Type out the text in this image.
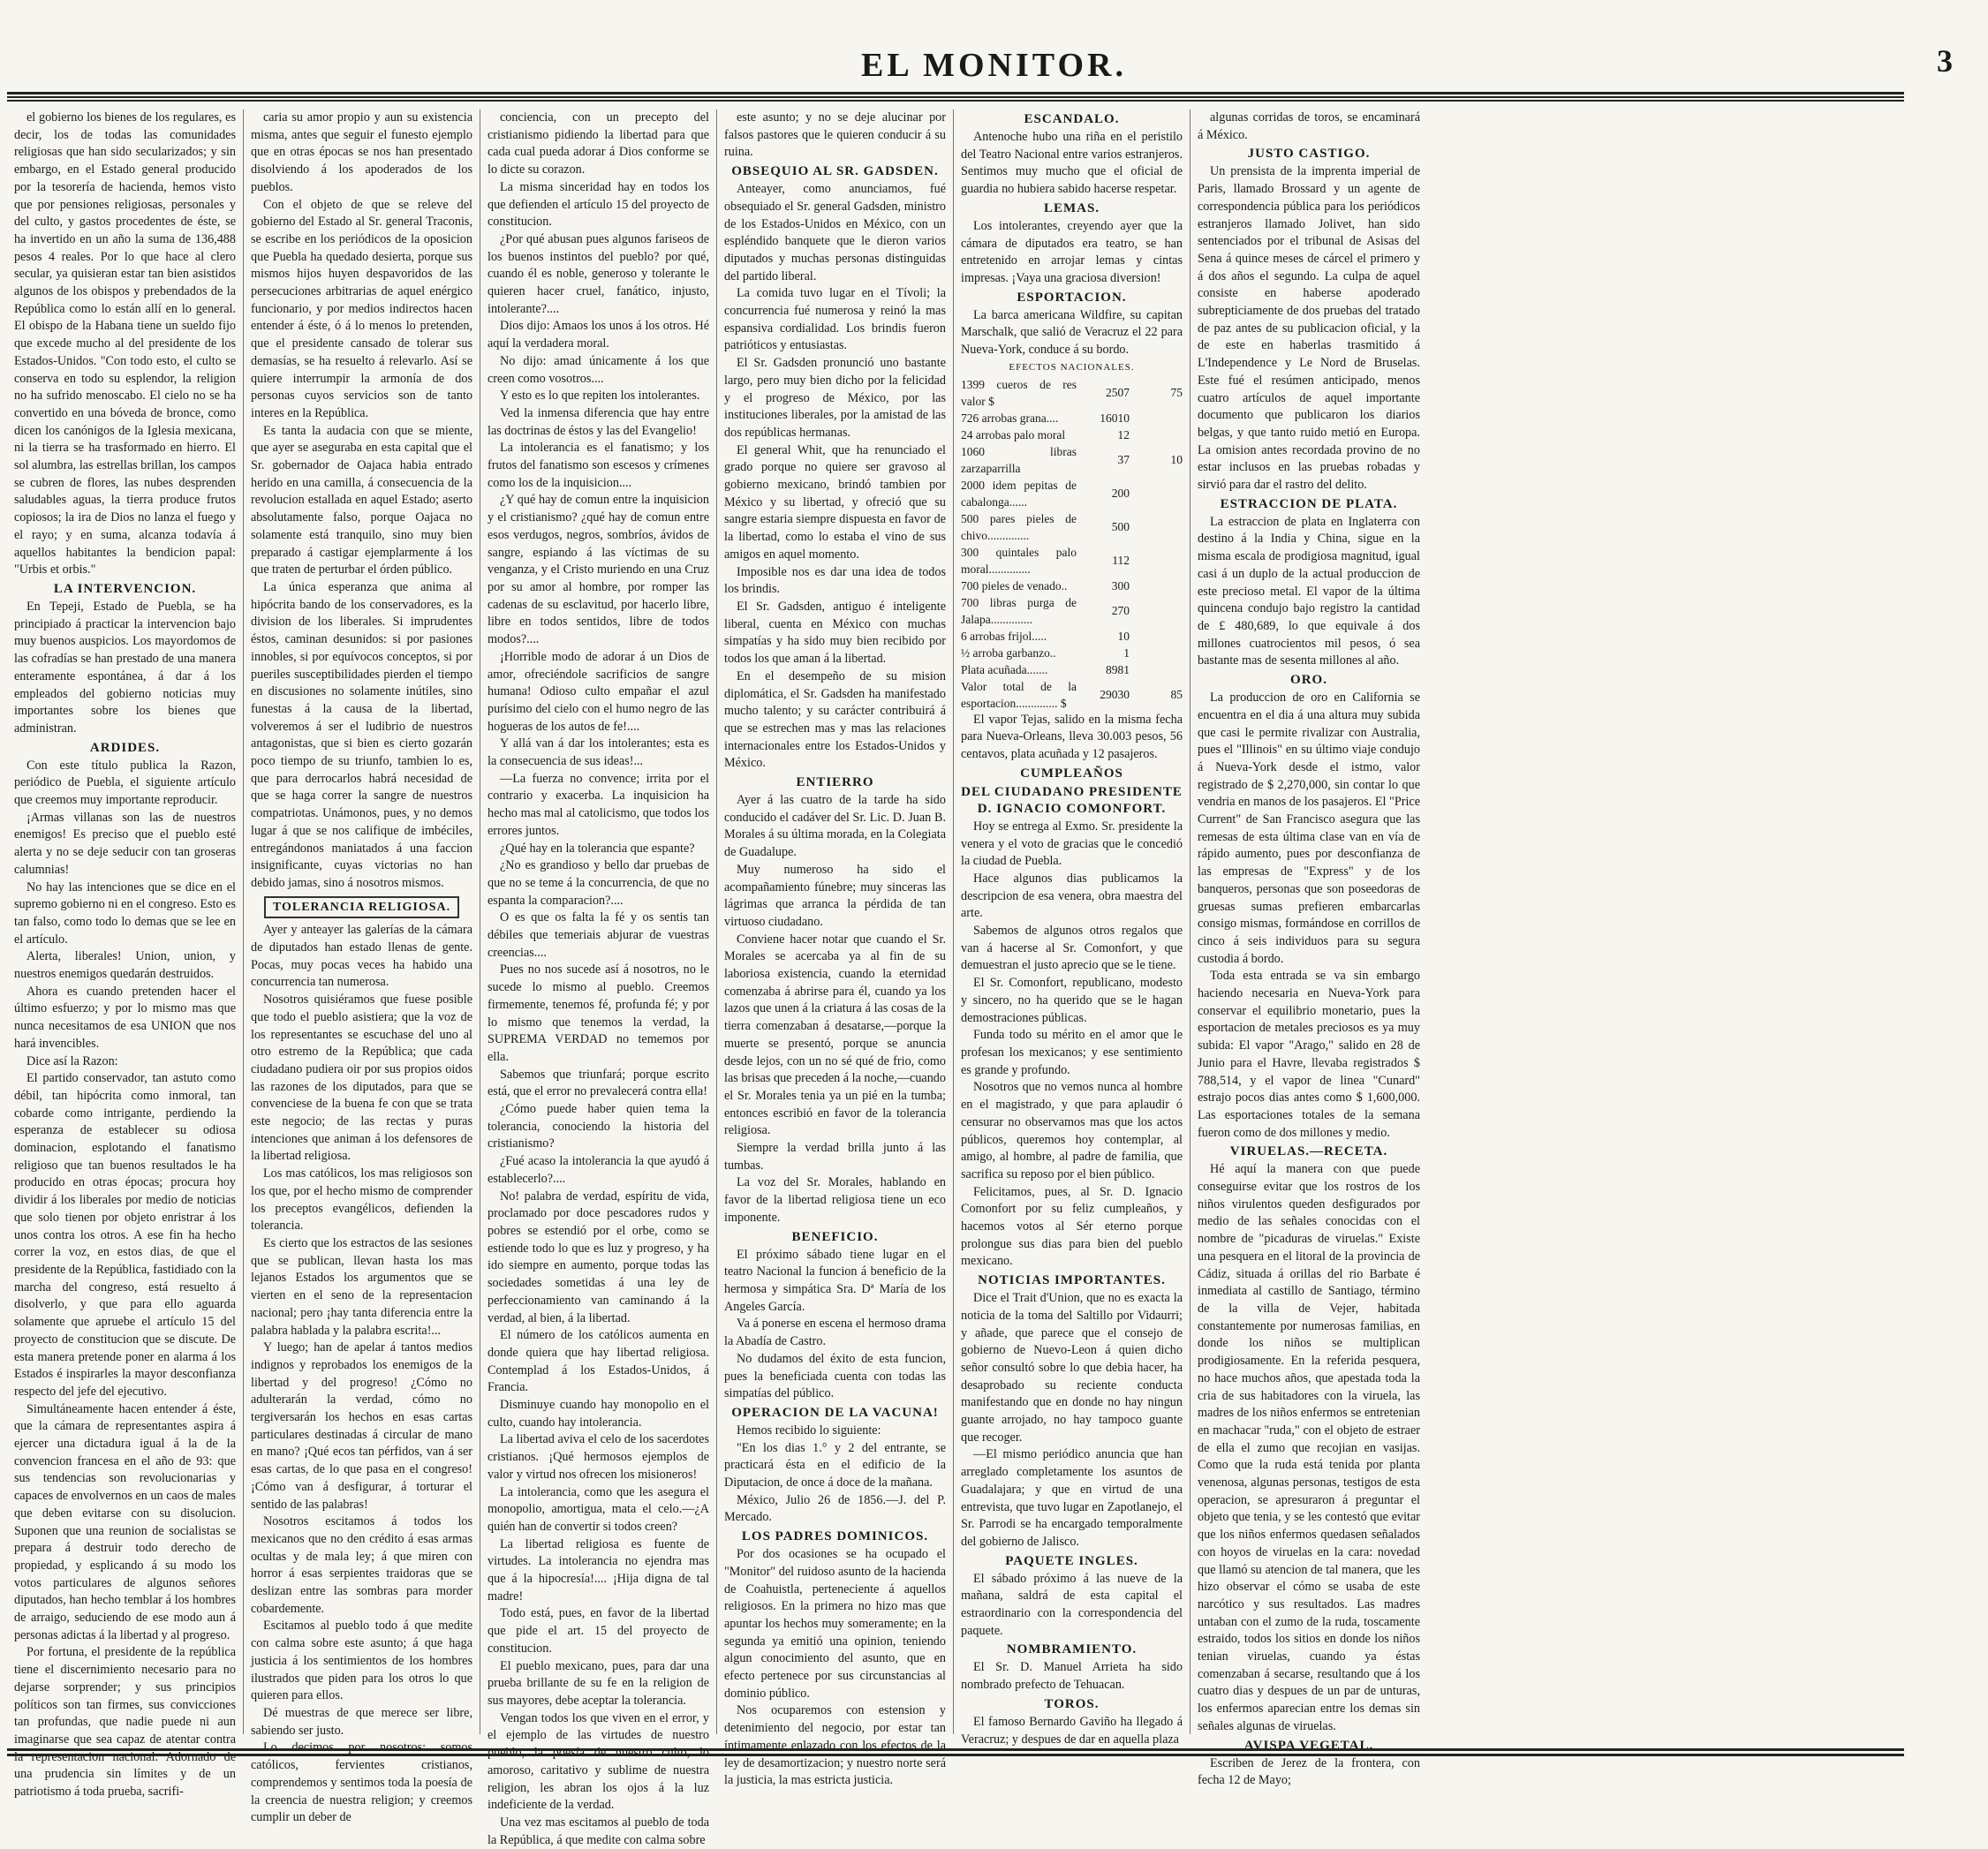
EL MONITOR.	3

el gobierno los bienes de los regulares, es decir, los de todas las comunidades religiosas que han sido secularizados; y sin embargo, en el Estado general producido por la tesorería de hacienda, hemos visto que por pensiones religiosas, personales y del culto, y gastos procedentes de éste, se ha invertido en un año la suma de 136,488 pesos 4 reales. Por lo que hace al clero secular, ya quisieran estar tan bien asistidos algunos de los obispos y prebendados de la República como lo están allí en lo general. El obispo de la Habana tiene un sueldo fijo que excede mucho al del presidente de los Estados-Unidos. "Con todo esto, el culto se conserva en todo su esplendor, la religion no ha sufrido menoscabo. El cielo no se ha convertido en una bóveda de bronce, como dicen los canónigos de la Iglesia mexicana, ni la tierra se ha trasformado en hierro. El sol alumbra, las estrellas brillan, los campos se cubren de flores, las nubes desprenden saludables aguas, la tierra produce frutos copiosos; la ira de Dios no lanza el fuego y el rayo; y en suma, alcanza todavía á aquellos habitantes la bendicion papal: "Urbis et orbis."

LA INTERVENCION.

En Tepeji, Estado de Puebla, se ha principiado á practicar la intervencion bajo muy buenos auspicios. Los mayordomos de las cofradías se han prestado de una manera enteramente espontánea, á dar á los empleados del gobierno noticias muy importantes sobre los bienes que administran.

ARDIDES.

Con este título publica la Razon, periódico de Puebla, el siguiente artículo que creemos muy importante reproducir.

¡Armas villanas son las de nuestros enemigos! Es preciso que el pueblo esté alerta y no se deje seducir con tan groseras calumnias!

No hay las intenciones que se dice en el supremo gobierno ni en el congreso. Esto es tan falso, como todo lo demas que se lee en el artículo.

Alerta, liberales! Union, union, y nuestros enemigos quedarán destruidos.

Ahora es cuando pretenden hacer el último esfuerzo; y por lo mismo mas que nunca necesitamos de esa UNION que nos hará invencibles.

Dice así la Razon:

El partido conservador, tan astuto como débil, tan hipócrita como inmoral, tan cobarde como intrigante, perdiendo la esperanza de establecer su odiosa dominacion, esplotando el fanatismo religioso que tan buenos resultados le ha producido en otras épocas; procura hoy dividir á los liberales por medio de noticias que solo tienen por objeto enristrar á los unos contra los otros. A ese fin ha hecho correr la voz, en estos dias, de que el presidente de la República, fastidiado con la marcha del congreso, está resuelto á disolverlo, y que para ello aguarda solamente que apruebe el artículo 15 del proyecto de constitucion que se discute. De esta manera pretende poner en alarma á los Estados é inspirarles la mayor desconfianza respecto del jefe del ejecutivo.

Simultáneamente hacen entender á éste, que la cámara de representantes aspira á ejercer una dictadura igual á la de la convencion francesa en el año de 93: que sus tendencias son revolucionarias y capaces de envolvernos en un caos de males que deben evitarse con su disolucion. Suponen que una reunion de socialistas se prepara á destruir todo derecho de propiedad, y esplicando á su modo los votos particulares de algunos señores diputados, han hecho temblar á los hombres de arraigo, seduciendo de ese modo aun á personas adictas á la libertad y al progreso.

Por fortuna, el presidente de la república tiene el discernimiento necesario para no dejarse sorprender; y sus principios políticos son tan firmes, sus convicciones tan profundas, que nadie puede ni aun imaginarse que sea capaz de atentar contra la representacion nacional. Adornado de una prudencia sin límites y de un patriotismo á toda prueba, sacrifi-

caria su amor propio y aun su existencia misma, antes que seguir el funesto ejemplo que en otras épocas se nos han presentado disolviendo á los apoderados de los pueblos.

Con el objeto de que se releve del gobierno del Estado al Sr. general Traconis, se escribe en los periódicos de la oposicion que Puebla ha quedado desierta, porque sus mismos hijos huyen despavoridos de las persecuciones arbitrarias de aquel enérgico funcionario, y por medios indirectos hacen entender á éste, ó á lo menos lo pretenden, que el presidente cansado de tolerar sus demasías, se ha resuelto á relevarlo. Así se quiere interrumpir la armonía de dos personas cuyos servicios son de tanto interes en la República.

Es tanta la audacia con que se miente, que ayer se aseguraba en esta capital que el Sr. gobernador de Oajaca habia entrado herido en una camilla, á consecuencia de la revolucion estallada en aquel Estado; aserto absolutamente falso, porque Oajaca no solamente está tranquilo, sino muy bien preparado á castigar ejemplarmente á los que traten de perturbar el órden público.

La única esperanza que anima al hipócrita bando de los conservadores, es la division de los liberales. Si imprudentes éstos, caminan desunidos: si por pasiones innobles, si por equívocos conceptos, si por pueriles susceptibilidades pierden el tiempo en discusiones no solamente inútiles, sino funestas á la causa de la libertad, volveremos á ser el ludibrio de nuestros antagonistas, que si bien es cierto gozarán poco tiempo de su triunfo, tambien lo es, que para derrocarlos habrá necesidad de que se haga correr la sangre de nuestros compatriotas. Unámonos, pues, y no demos lugar á que se nos califique de imbéciles, entregándonos maniatados á una faccion insignificante, cuyas victorias no han debido jamas, sino á nosotros mismos.

TOLERANCIA RELIGIOSA.

Ayer y anteayer las galerías de la cámara de diputados han estado llenas de gente. Pocas, muy pocas veces ha habido una concurrencia tan numerosa.

Nosotros quisiéramos que fuese posible que todo el pueblo asistiera; que la voz de los representantes se escuchase del uno al otro estremo de la República; que cada ciudadano pudiera oir por sus propios oidos las razones de los diputados, para que se convenciese de la buena fe con que se trata este negocio; de las rectas y puras intenciones que animan á los defensores de la libertad religiosa.

Los mas católicos, los mas religiosos son los que, por el hecho mismo de comprender los preceptos evangélicos, defienden la tolerancia.

Es cierto que los estractos de las sesiones que se publican, llevan hasta los mas lejanos Estados los argumentos que se vierten en el seno de la representacion nacional; pero ¡hay tanta diferencia entre la palabra hablada y la palabra escrita!...

Y luego; han de apelar á tantos medios indignos y reprobados los enemigos de la libertad y del progreso! ¿Cómo no adulterarán la verdad, cómo no tergiversarán los hechos en esas cartas particulares destinadas á circular de mano en mano? ¡Qué ecos tan pérfidos, van á ser esas cartas, de lo que pasa en el congreso! ¡Cómo van á desfigurar, á torturar el sentido de las palabras!

Nosotros escitamos á todos los mexicanos que no den crédito á esas armas ocultas y de mala ley; á que miren con horror á esas serpientes traidoras que se deslizan entre las sombras para morder cobardemente.

Escitamos al pueblo todo á que medite con calma sobre este asunto; á que haga justicia á los sentimientos de los hombres ilustrados que piden para los otros lo que quieren para ellos.

Dé muestras de que merece ser libre, sabiendo ser justo.

Lo decimos por nosotros: somos católicos, fervientes cristianos, comprendemos y sentimos toda la poesía de la creencia de nuestra religion; y creemos cumplir un deber de

conciencia, con un precepto del cristianismo pidiendo la libertad para que cada cual pueda adorar á Dios conforme se lo dicte su corazon.

La misma sinceridad hay en todos los que defienden el artículo 15 del proyecto de constitucion.

¿Por qué abusan pues algunos fariseos de los buenos instintos del pueblo? por qué, cuando él es noble, generoso y tolerante le quieren hacer cruel, fanático, injusto, intolerante?....

Dios dijo: Amaos los unos á los otros. Hé aquí la verdadera moral.

No dijo: amad únicamente á los que creen como vosotros....

Y esto es lo que repiten los intolerantes.

Ved la inmensa diferencia que hay entre las doctrinas de éstos y las del Evangelio!

La intolerancia es el fanatismo; y los frutos del fanatismo son escesos y crímenes como los de la inquisicion....

¿Y qué hay de comun entre la inquisicion y el cristianismo? ¿qué hay de comun entre esos verdugos, negros, sombríos, ávidos de sangre, espiando á las víctimas de su venganza, y el Cristo muriendo en una Cruz por su amor al hombre, por romper las cadenas de su esclavitud, por hacerlo libre, libre en todos sentidos, libre de todos modos?....

¡Horrible modo de adorar á un Dios de amor, ofreciéndole sacrificios de sangre humana! Odioso culto empañar el azul purísimo del cielo con el humo negro de las hogueras de los autos de fe!....

Y allá van á dar los intolerantes; esta es la consecuencia de sus ideas!...

—La fuerza no convence; irrita por el contrario y exacerba. La inquisicion ha hecho mas mal al catolicismo, que todos los errores juntos.

¿Qué hay en la tolerancia que espante?

¿No es grandioso y bello dar pruebas de que no se teme á la concurrencia, de que no espanta la comparacion?....

O es que os falta la fé y os sentis tan débiles que temeriais abjurar de vuestras creencias....

Pues no nos sucede así á nosotros, no le sucede lo mismo al pueblo. Creemos firmemente, tenemos fé, profunda fé; y por lo mismo que tenemos la verdad, la SUPREMA VERDAD no tememos por ella.

Sabemos que triunfará; porque escrito está, que el error no prevalecerá contra ella!

¿Cómo puede haber quien tema la tolerancia, conociendo la historia del cristianismo?

¿Fué acaso la intolerancia la que ayudó á establecerlo?....

No! palabra de verdad, espíritu de vida, proclamado por doce pescadores rudos y pobres se estendió por el orbe, como se estiende todo lo que es luz y progreso, y ha ido siempre en aumento, porque todas las sociedades sometidas á una ley de perfeccionamiento van caminando á la verdad, al bien, á la libertad.

El número de los católicos aumenta en donde quiera que hay libertad religiosa. Contemplad á los Estados-Unidos, á Francia.

Disminuye cuando hay monopolio en el culto, cuando hay intolerancia.

La libertad aviva el celo de los sacerdotes cristianos. ¡Qué hermosos ejemplos de valor y virtud nos ofrecen los misioneros!

La intolerancia, como que les asegura el monopolio, amortigua, mata el celo.—¿A quién han de convertir si todos creen?

La libertad religiosa es fuente de virtudes. La intolerancia no ejendra mas que á la hipocresía!.... ¡Hija digna de tal madre!

Todo está, pues, en favor de la libertad que pide el art. 15 del proyecto de constitucion.

El pueblo mexicano, pues, para dar una prueba brillante de su fe en la religion de sus mayores, debe aceptar la tolerancia.

Vengan todos los que viven en el error, y el ejemplo de las virtudes de nuestro pueblo, la poesía de nuestro culto, lo amoroso, caritativo y sublime de nuestra religion, les abran los ojos á la luz indeficiente de la verdad.

Una vez mas escitamos al pueblo de toda la República, á que medite con calma sobre

este asunto; y no se deje alucinar por falsos pastores que le quieren conducir á su ruina.

OBSEQUIO AL SR. GADSDEN.

Anteayer, como anunciamos, fué obsequiado el Sr. general Gadsden, ministro de los Estados-Unidos en México, con un espléndido banquete que le dieron varios diputados y muchas personas distinguidas del partido liberal.

La comida tuvo lugar en el Tívoli; la concurrencia fué numerosa y reinó la mas espansiva cordialidad. Los brindis fueron patrióticos y entusiastas.

El Sr. Gadsden pronunció uno bastante largo, pero muy bien dicho por la felicidad y el progreso de México, por las instituciones liberales, por la amistad de las dos repúblicas hermanas.

El general Whit, que ha renunciado el grado porque no quiere ser gravoso al gobierno mexicano, brindó tambien por México y su libertad, y ofreció que su sangre estaria siempre dispuesta en favor de la libertad, como lo estaba el vino de sus amigos en aquel momento.

Imposible nos es dar una idea de todos los brindis.

El Sr. Gadsden, antiguo é inteligente liberal, cuenta en México con muchas simpatías y ha sido muy bien recibido por todos los que aman á la libertad.

En el desempeño de su mision diplomática, el Sr. Gadsden ha manifestado mucho talento; y su carácter contribuirá á que se estrechen mas y mas las relaciones internacionales entre los Estados-Unidos y México.

ENTIERRO

Ayer á las cuatro de la tarde ha sido conducido el cadáver del Sr. Lic. D. Juan B. Morales á su última morada, en la Colegiata de Guadalupe.

Muy numeroso ha sido el acompañamiento fúnebre; muy sinceras las lágrimas que arranca la pérdida de tan virtuoso ciudadano.

Conviene hacer notar que cuando el Sr. Morales se acercaba ya al fin de su laboriosa existencia, cuando la eternidad comenzaba á abrirse para él, cuando ya los lazos que unen á la criatura á las cosas de la tierra comenzaban á desatarse,—porque la muerte se presentó, porque se anuncia desde lejos, con un no sé qué de frio, como las brisas que preceden á la noche,—cuando el Sr. Morales tenia ya un pié en la tumba; entonces escribió en favor de la tolerancia religiosa.

Siempre la verdad brilla junto á las tumbas.

La voz del Sr. Morales, hablando en favor de la libertad religiosa tiene un eco imponente.

BENEFICIO.

El próximo sábado tiene lugar en el teatro Nacional la funcion á beneficio de la hermosa y simpática Sra. Dª María de los Angeles García.

Va á ponerse en escena el hermoso drama la Abadía de Castro.

No dudamos del éxito de esta funcion, pues la beneficiada cuenta con todas las simpatías del público.

OPERACION DE LA VACUNA!

Hemos recibido lo siguiente:

"En los dias 1.° y 2 del entrante, se practicará ésta en el edificio de la Diputacion, de once á doce de la mañana.

México, Julio 26 de 1856.—J. del P. Mercado.

LOS PADRES DOMINICOS.

Por dos ocasiones se ha ocupado el "Monitor" del ruidoso asunto de la hacienda de Coahuistla, perteneciente á aquellos religiosos. En la primera no hizo mas que apuntar los hechos muy someramente; en la segunda ya emitió una opinion, teniendo algun conocimiento del asunto, que en efecto pertenece por sus circunstancias al dominio público.

Nos ocuparemos con estension y detenimiento del negocio, por estar tan íntimamente enlazado con los efectos de la ley de desamortizacion; y nuestro norte será la justicia, la mas estricta justicia.

ESCANDALO.

Antenoche hubo una riña en el peristilo del Teatro Nacional entre varios estranjeros. Sentimos muy mucho que el oficial de guardia no hubiera sabido hacerse respetar.

LEMAS.

Los intolerantes, creyendo ayer que la cámara de diputados era teatro, se han entretenido en arrojar lemas y cintas impresas. ¡Vaya una graciosa diversion!

ESPORTACION.

La barca americana Wildfire, su capitan Marschalk, que salió de Veracruz el 22 para Nueva-York, conduce á su bordo.

EFECTOS NACIONALES.		
1399 cueros de res valor $	2507	75
726 arrobas grana....	16010	
24 arrobas palo moral	12	
1060 libras zarzaparrilla	37	10
2000 idem pepitas de cabalonga......	200	
500 pares pieles de chivo..............	500	
300 quintales palo moral..............	112	
700 pieles de venado..	300	
700 libras purga de Jalapa..............	270	
6 arrobas frijol.....	10	
½ arroba garbanzo..	1	
Plata acuñada.......	8981	
Valor total de la esportacion.............. $	29030	85

El vapor Tejas, salido en la misma fecha para Nueva-Orleans, lleva 30.003 pesos, 56 centavos, plata acuñada y 12 pasajeros.

CUMPLEAÑOS
DEL CIUDADANO PRESIDENTE D. IGNACIO COMONFORT.

Hoy se entrega al Exmo. Sr. presidente la venera y el voto de gracias que le concedió la ciudad de Puebla.

Hace algunos dias publicamos la descripcion de esa venera, obra maestra del arte.

Sabemos de algunos otros regalos que van á hacerse al Sr. Comonfort, y que demuestran el justo aprecio que se le tiene.

El Sr. Comonfort, republicano, modesto y sincero, no ha querido que se le hagan demostraciones públicas.

Funda todo su mérito en el amor que le profesan los mexicanos; y ese sentimiento es grande y profundo.

Nosotros que no vemos nunca al hombre en el magistrado, y que para aplaudir ó censurar no observamos mas que los actos públicos, queremos hoy contemplar, al amigo, al hombre, al padre de familia, que sacrifica su reposo por el bien público.

Felicitamos, pues, al Sr. D. Ignacio Comonfort por su feliz cumpleaños, y hacemos votos al Sér eterno porque prolongue sus dias para bien del pueblo mexicano.

NOTICIAS IMPORTANTES.

Dice el Trait d'Union, que no es exacta la noticia de la toma del Saltillo por Vidaurri; y añade, que parece que el consejo de gobierno de Nuevo-Leon á quien dicho señor consultó sobre lo que debia hacer, ha desaprobado su reciente conducta manifestando que en donde no hay ningun guante arrojado, no hay tampoco guante que recoger.

—El mismo periódico anuncia que han arreglado completamente los asuntos de Guadalajara; y que en virtud de una entrevista, que tuvo lugar en Zapotlanejo, el Sr. Parrodi se ha encargado temporalmente del gobierno de Jalisco.

PAQUETE INGLES.

El sábado próximo á las nueve de la mañana, saldrá de esta capital el estraordinario con la correspondencia del paquete.

NOMBRAMIENTO.

El Sr. D. Manuel Arrieta ha sido nombrado prefecto de Tehuacan.

TOROS.

El famoso Bernardo Gaviño ha llegado á Veracruz; y despues de dar en aquella plaza

algunas corridas de toros, se encaminará á México.

JUSTO CASTIGO.

Un prensista de la imprenta imperial de Paris, llamado Brossard y un agente de correspondencia pública para los periódicos estranjeros llamado Jolivet, han sido sentenciados por el tribunal de Asisas del Sena á quince meses de cárcel el primero y á dos años el segundo. La culpa de aquel consiste en haberse apoderado subrepticiamente de dos pruebas del tratado de paz antes de su publicacion oficial, y la de este en haberlas trasmitido á L'Independence y Le Nord de Bruselas. Este fué el resúmen anticipado, menos cuatro artículos de aquel importante documento que publicaron los diarios belgas, y que tanto ruido metió en Europa. La omision antes recordada provino de no estar inclusos en las pruebas robadas y sirvió para dar el rastro del delito.

ESTRACCION DE PLATA.

La estraccion de plata en Inglaterra con destino á la India y China, sigue en la misma escala de prodigiosa magnitud, igual casi á un duplo de la actual produccion de este precioso metal. El vapor de la última quincena condujo bajo registro la cantidad de £ 480,689, lo que equivale á dos millones cuatrocientos mil pesos, ó sea bastante mas de sesenta millones al año.

ORO.

La produccion de oro en California se encuentra en el dia á una altura muy subida que casi le permite rivalizar con Australia, pues el "Illinois" en su último viaje condujo á Nueva-York desde el istmo, valor registrado de $ 2,270,000, sin contar lo que vendria en manos de los pasajeros. El "Price Current" de San Francisco asegura que las remesas de esta última clase van en vía de rápido aumento, pues por desconfianza de las empresas de "Express" y de los banqueros, personas que son poseedoras de gruesas sumas prefieren embarcarlas consigo mismas, formándose en corrillos de cinco á seis individuos para su segura custodia á bordo.

Toda esta entrada se va sin embargo haciendo necesaria en Nueva-York para conservar el equilibrio monetario, pues la esportacion de metales preciosos es ya muy subida: El vapor "Arago," salido en 28 de Junio para el Havre, llevaba registrados $ 788,514, y el vapor de linea "Cunard" estrajo pocos dias antes como $ 1,600,000. Las esportaciones totales de la semana fueron como de dos millones y medio.

VIRUELAS.—RECETA.

Hé aquí la manera con que puede conseguirse evitar que los rostros de los niños virulentos queden desfigurados por medio de las señales conocidas con el nombre de "picaduras de viruelas." Existe una pesquera en el litoral de la provincia de Cádiz, situada á orillas del rio Barbate é inmediata al castillo de Santiago, término de la villa de Vejer, habitada constantemente por numerosas familias, en donde los niños se multiplican prodigiosamente. En la referida pesquera, no hace muchos años, que apestada toda la cria de sus habitadores con la viruela, las madres de los niños enfermos se entretenian en machacar "ruda," con el objeto de estraer de ella el zumo que recojian en vasijas. Como que la ruda está tenida por planta venenosa, algunas personas, testigos de esta operacion, se apresuraron á preguntar el objeto que tenia, y se les contestó que evitar que los niños enfermos quedasen señalados con hoyos de viruelas en la cara: novedad que llamó su atencion de tal manera, que les hizo observar el cómo se usaba de este narcótico y sus resultados. Las madres untaban con el zumo de la ruda, toscamente estraido, todos los sitios en donde los niños tenian viruelas, cuando ya éstas comenzaban á secarse, resultando que á los cuatro dias y despues de un par de unturas, los enfermos aparecian entre los demas sin señales algunas de viruelas.

AVISPA VEGETAL.

Escriben de Jerez de la frontera, con fecha 12 de Mayo;
